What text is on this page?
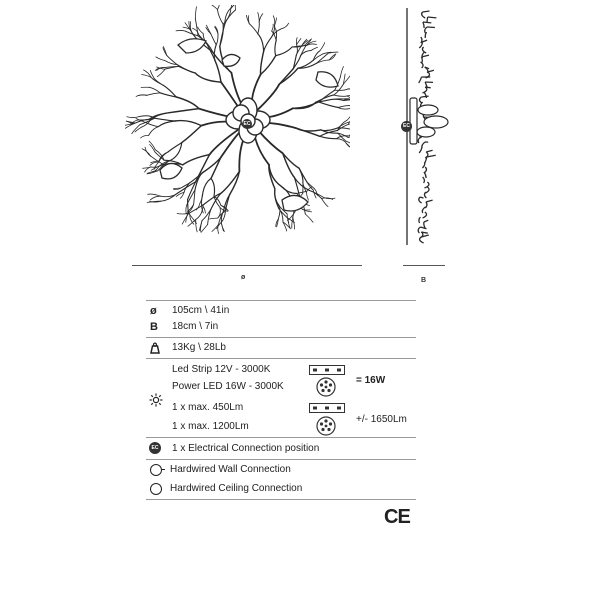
EC	EC
ø	B
ø 105cm \ 41in
B 18cm \ 7in
13Kg \ 28Lb
Led Strip 12V - 3000K
Power LED 16W - 3000K
1 x max. 450Lm
1 x max. 1200Lm
= 16W
+/- 1650Lm
EC 1 x Electrical Connection position
Hardwired Wall Connection
Hardwired Ceiling Connection
CE
